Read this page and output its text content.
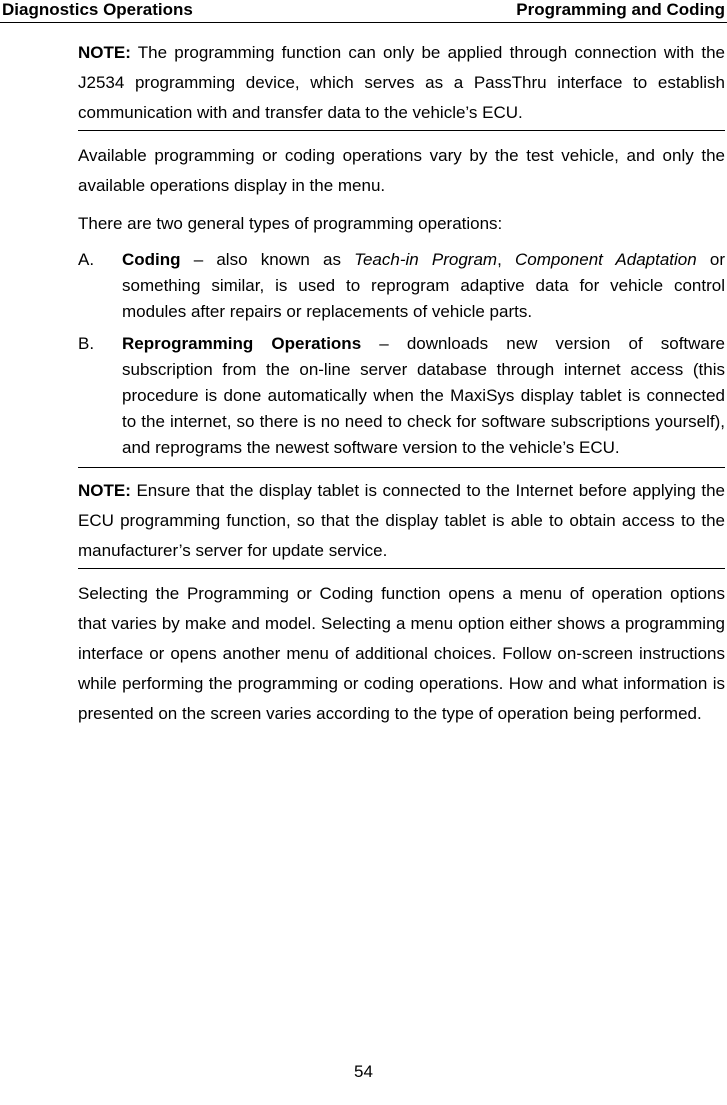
Diagnostics Operations	Programming and Coding

NOTE: The programming function can only be applied through connection with the J2534 programming device, which serves as a PassThru interface to establish communication with and transfer data to the vehicle’s ECU.

Available programming or coding operations vary by the test vehicle, and only the available operations display in the menu.

There are two general types of programming operations:

A. Coding – also known as Teach-in Program, Component Adaptation or something similar, is used to reprogram adaptive data for vehicle control modules after repairs or replacements of vehicle parts.
B. Reprogramming Operations – downloads new version of software subscription from the on-line server database through internet access (this procedure is done automatically when the MaxiSys display tablet is connected to the internet, so there is no need to check for software subscriptions yourself), and reprograms the newest software version to the vehicle’s ECU.

NOTE: Ensure that the display tablet is connected to the Internet before applying the ECU programming function, so that the display tablet is able to obtain access to the manufacturer’s server for update service.

Selecting the Programming or Coding function opens a menu of operation options that varies by make and model. Selecting a menu option either shows a programming interface or opens another menu of additional choices. Follow on-screen instructions while performing the programming or coding operations. How and what information is presented on the screen varies according to the type of operation being performed.

54
